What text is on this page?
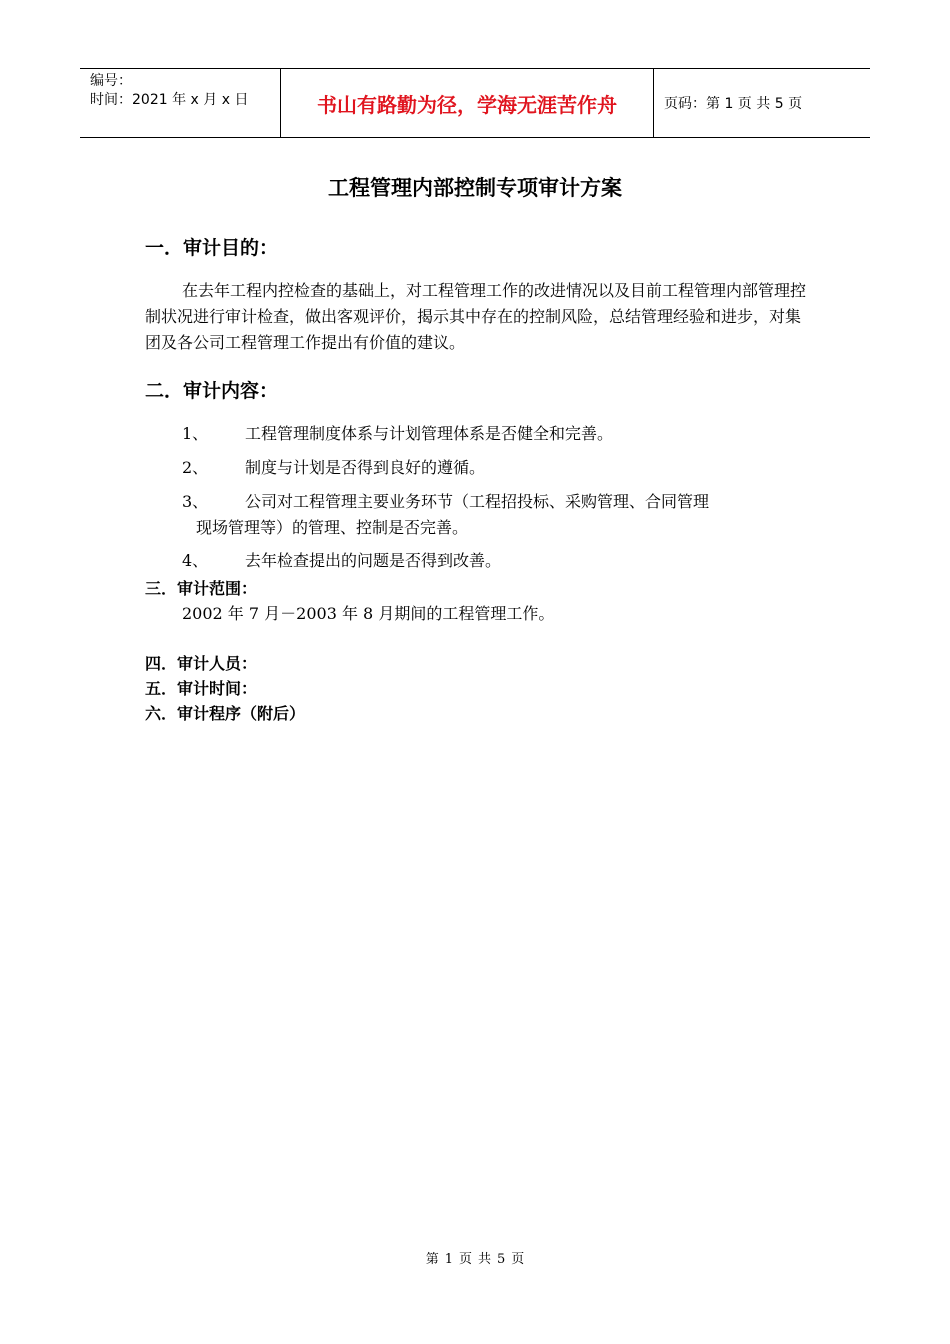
编号：
时间：2021 年 x 月 x 日	书山有路勤为径，学海无涯苦作舟	页码：第 1 页 共 5 页
工程管理内部控制专项审计方案
一．审计目的：
在去年工程内控检查的基础上，对工程管理工作的改进情况以及目前工程管理内部管理控制状况进行审计检查，做出客观评价，揭示其中存在的控制风险，总结管理经验和进步，对集团及各公司工程管理工作提出有价值的建议。
二．审计内容：
1、 工程管理制度体系与计划管理体系是否健全和完善。
2、 制度与计划是否得到良好的遵循。
3、 公司对工程管理主要业务环节（工程招投标、采购管理、合同管理
现场管理等）的管理、控制是否完善。
4、 去年检查提出的问题是否得到改善。
三．审计范围：
2002 年 7 月－2003 年 8 月期间的工程管理工作。
四．审计人员：
五．审计时间：
六．审计程序（附后）
第 1 页 共 5 页
